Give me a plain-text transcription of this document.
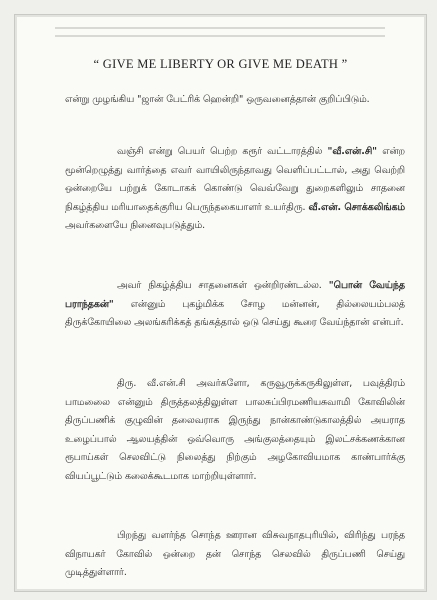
“ GIVE ME LIBERTY OR GIVE ME DEATH ”

என்று முழங்கிய "ஜான் பேட்ரிக் ஹென்றி" ஒருவனைத்தான் குறிப்பிடும்.

வஞ்சி என்று பெயர் பெற்ற கரூர் வட்டாரத்தில் "வீ.என்.சி" என்ற மூன்றெழுத்து வார்த்தை எவர் வாயிலிருந்தாவது வெளிப்பட்டால், அது வெற்றி ஒன்றையே பற்றுக் கோடாகக் கொண்டு வெவ்வேறு துறைகளிலும் சாதனை நிகழ்த்திய மரியாதைக்குரிய பெருந்தகையாளர் உயர்திரு. வீ.என். சொக்கலிங்கம் அவர்களையே நினைவுபடுத்தும்.

அவர் நிகழ்த்திய சாதனைகள் ஒன்றிரண்டல்ல. "பொன் வேய்ந்த பராந்தகன்" என்னும் புகழ்மிக்க சோழ மன்னன், தில்லையம்பலத் திருக்கோயிலை அலங்கரிக்கத் தங்கத்தால் ஒடு செய்து கூரை வேய்ந்தான் என்பர்.

திரு. வீ.என்.சி அவர்களோ, கருவூருக்கருகிலுள்ள, பவுத்திரம் பாமலைை என்னும் திருத்தலத்திலுள்ள பாலசுப்பிரமணியசுவாமி கோவிலின் திருப்பணிக் குழுவின் தலைவராக இருந்து நான்காண்டுகாலத்தில் அயராத உழைப்பால் ஆலயத்தின் ஒவ்வொரு அங்குலத்தையும் இலட்சக்கணக்கான ரூபாய்கள் செலவிட்டு நிலைத்து நிற்கும் அழகோவியமாக காண்பார்க்கு வியப்பூட்டும் கலைக்கூடமாக மாற்றியுள்ளார்.

பிறந்து வளர்ந்த சொந்த ஊரான விசுவநாதபுரியில், விரிந்து பரந்த விநாயகர் கோவில் ஒன்றை தன் சொந்த செலவில் திருப்பணி செய்து முடித்துள்ளார்.
